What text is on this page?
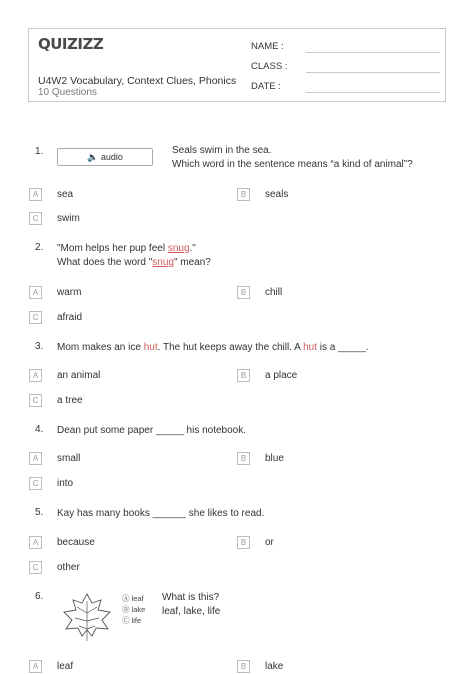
QUIZIZZ
U4W2 Vocabulary, Context Clues, Phonics
10 Questions
NAME :
CLASS :
DATE :
1.	🔈 audio
Seals swim in the sea.
Which word in the sentence means “a kind of animal”?
A	sea	B	seals
C	swim
2. "Mom helps her pup feel snug."
What does the word "snug" mean?
A	warm	B	chill
C	afraid
3. Mom makes an ice hut. The hut keeps away the chill. A hut is a _____.
A	an animal	B	a place
C	a tree
4. Dean put some paper _____ his notebook.
A	small	B	blue
C	into
5. Kay has many books ______ she likes to read.
A	because	B	or
C	other
6.	Ⓐ leaf
Ⓑ lake
Ⓒ life
What is this?
leaf, lake, life
A	leaf	B	lake
